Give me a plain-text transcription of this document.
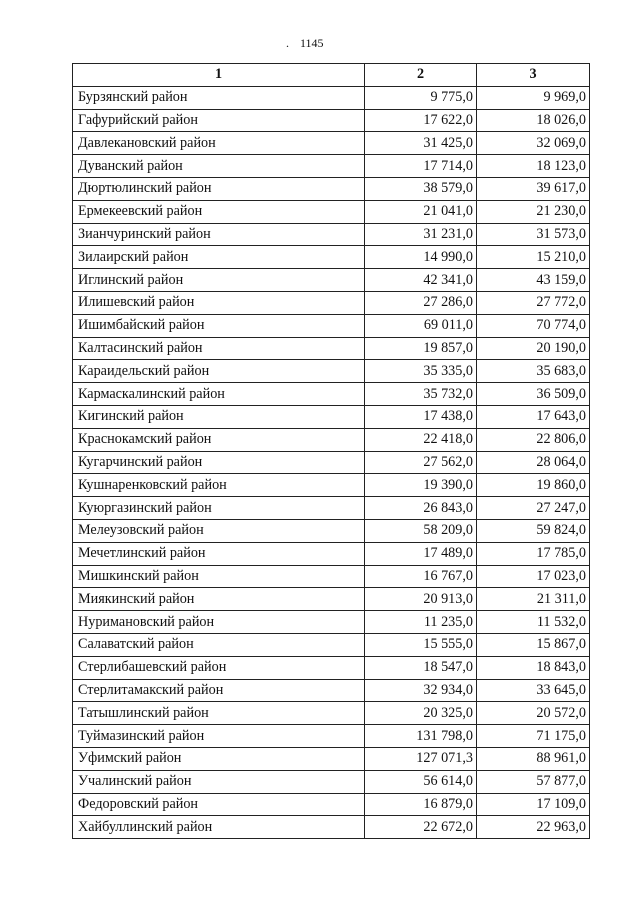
. 1145
1	2	3
Бурзянский район	9 775,0	9 969,0
Гафурийский район	17 622,0	18 026,0
Давлекановский район	31 425,0	32 069,0
Дуванский район	17 714,0	18 123,0
Дюртюлинский район	38 579,0	39 617,0
Ермекеевский район	21 041,0	21 230,0
Зианчуринский район	31 231,0	31 573,0
Зилаирский район	14 990,0	15 210,0
Иглинский район	42 341,0	43 159,0
Илишевский район	27 286,0	27 772,0
Ишимбайский район	69 011,0	70 774,0
Калтасинский район	19 857,0	20 190,0
Караидельский район	35 335,0	35 683,0
Кармаскалинский район	35 732,0	36 509,0
Кигинский район	17 438,0	17 643,0
Краснокамский район	22 418,0	22 806,0
Кугарчинский район	27 562,0	28 064,0
Кушнаренковский район	19 390,0	19 860,0
Куюргазинский район	26 843,0	27 247,0
Мелеузовский район	58 209,0	59 824,0
Мечетлинский район	17 489,0	17 785,0
Мишкинский район	16 767,0	17 023,0
Миякинский район	20 913,0	21 311,0
Нуримановский район	11 235,0	11 532,0
Салаватский район	15 555,0	15 867,0
Стерлибашевский район	18 547,0	18 843,0
Стерлитамакский район	32 934,0	33 645,0
Татышлинский район	20 325,0	20 572,0
Туймазинский район	131 798,0	71 175,0
Уфимский район	127 071,3	88 961,0
Учалинский район	56 614,0	57 877,0
Федоровский район	16 879,0	17 109,0
Хайбуллинский район	22 672,0	22 963,0
